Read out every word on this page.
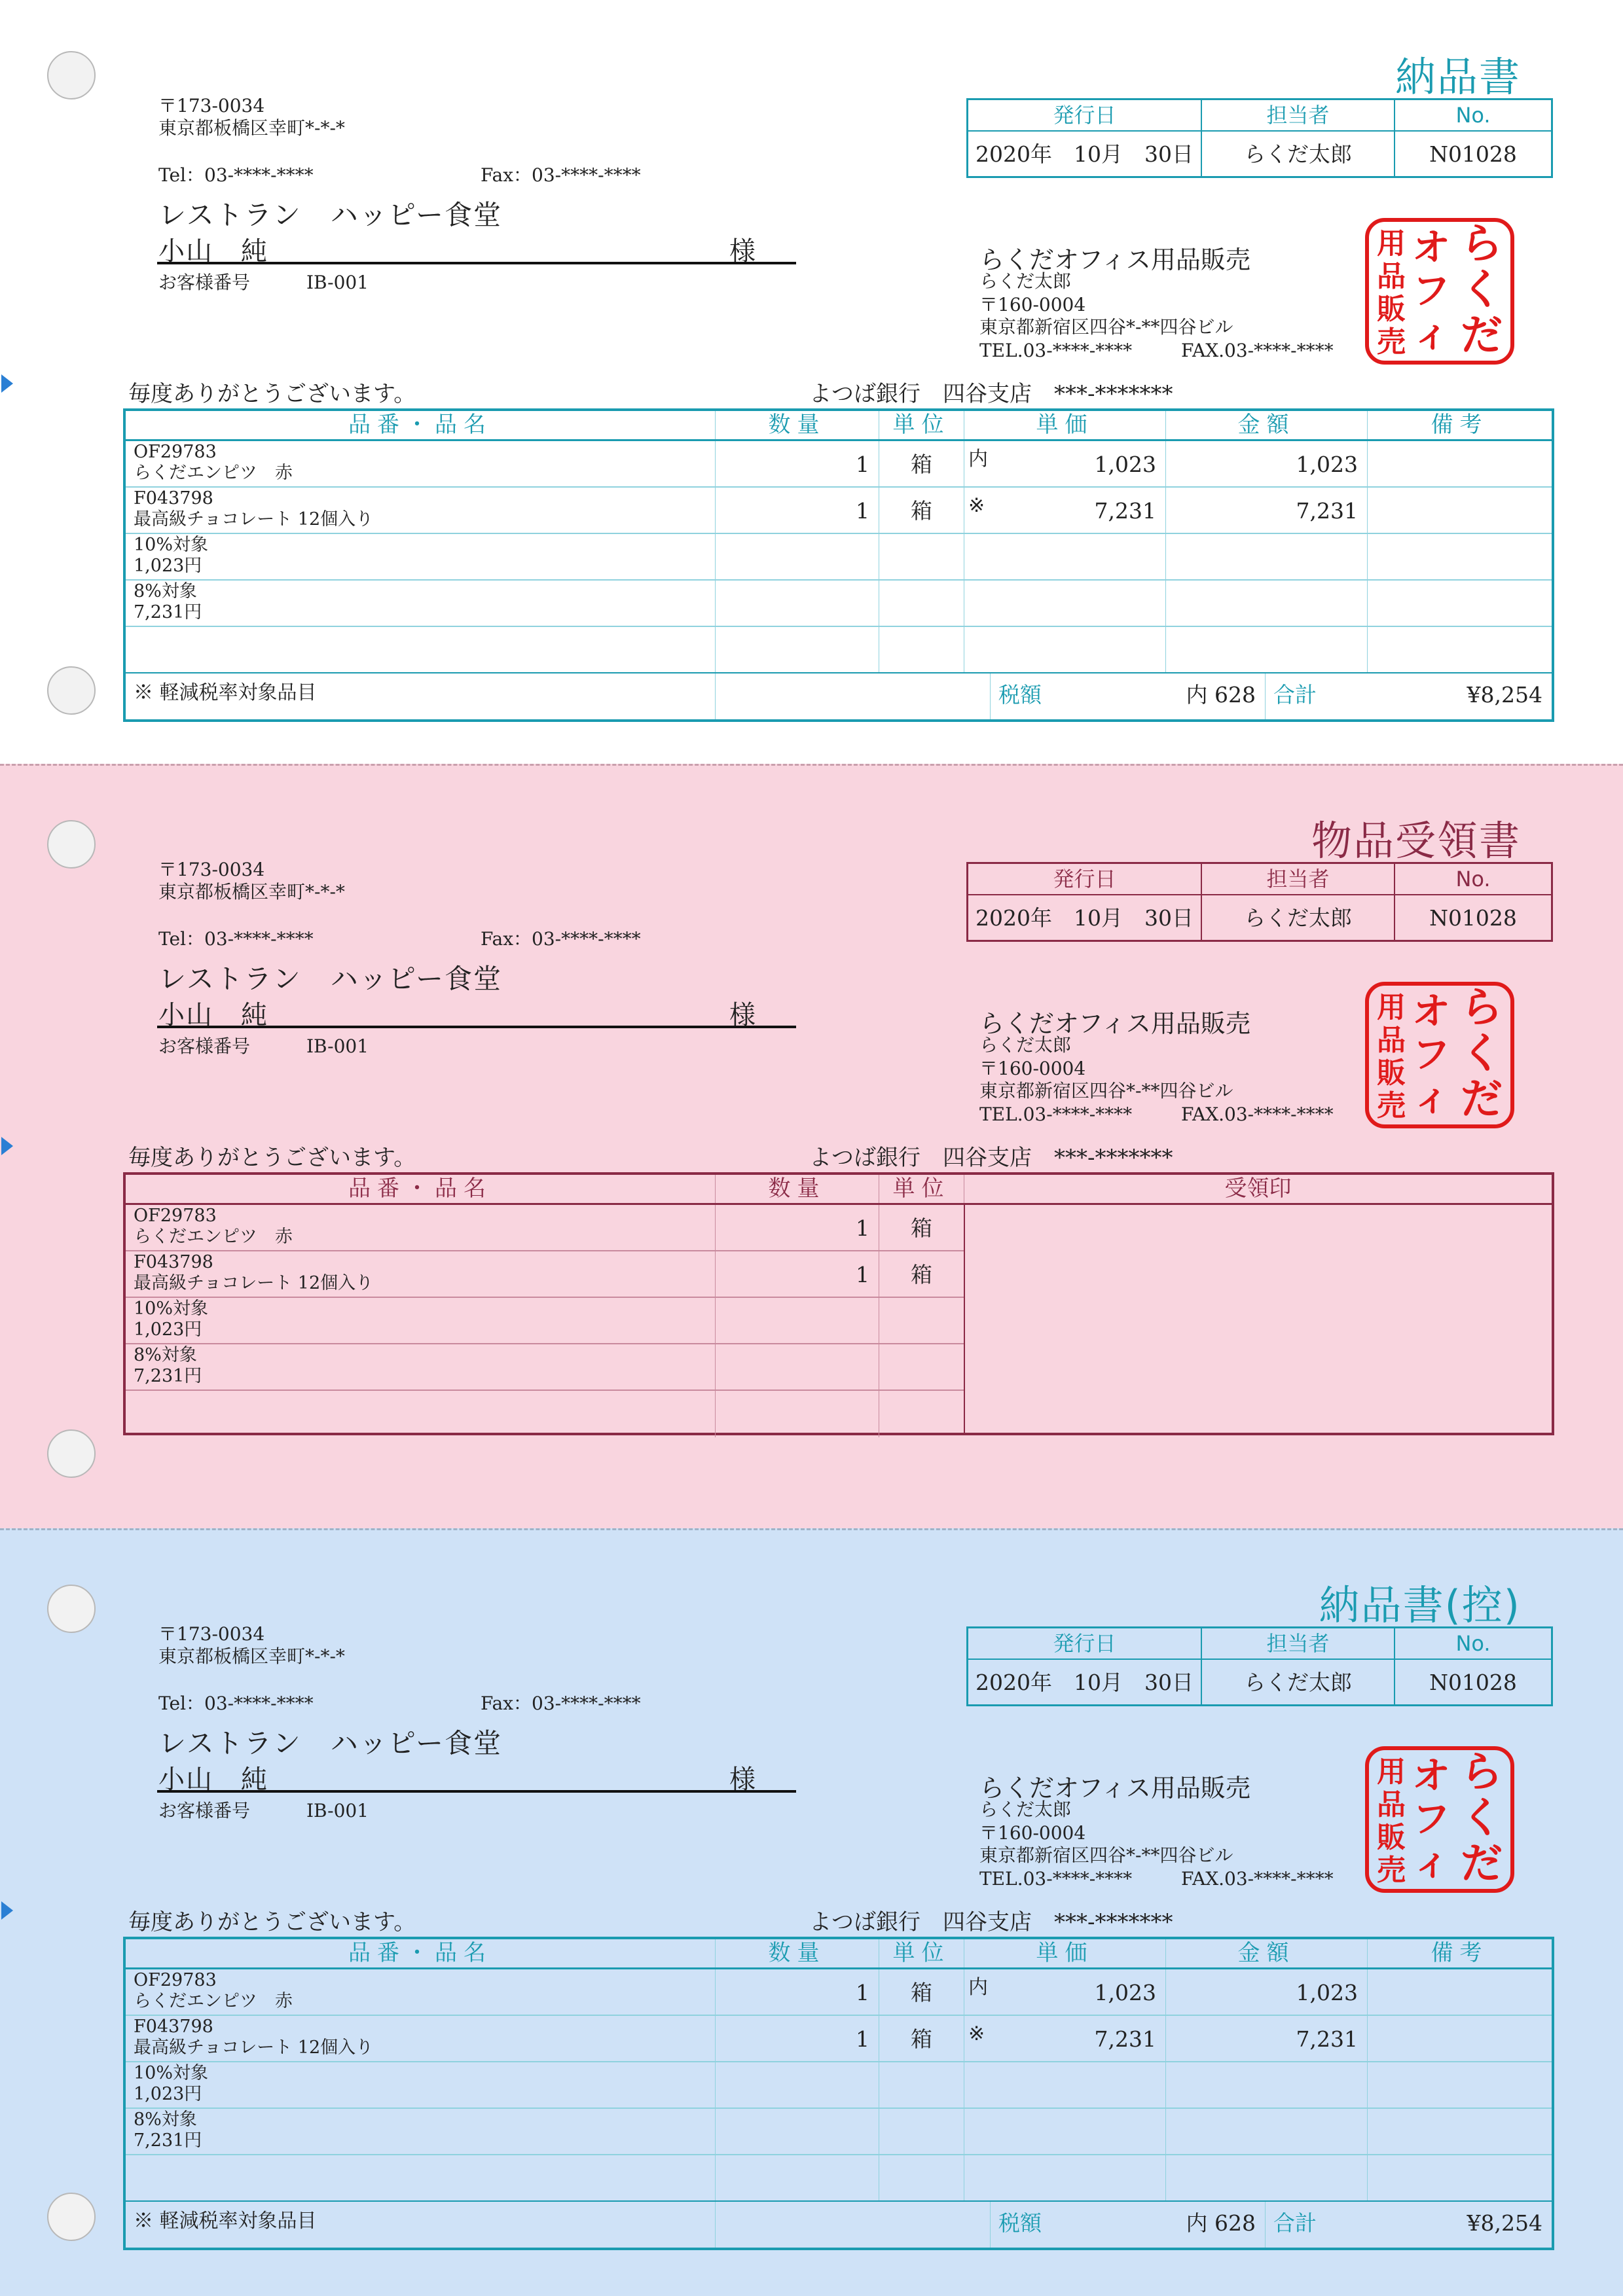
〒173-0034
東京都板橋区幸町*-*-*
Tel：03-****-****	Fax：03-****-****
レストラン　ハッピー食堂
小山　純	様
お客様番号	IB-001
納品書
発行日	担当者	No.
2020年　10月　30日	らくだ太郎	N01028
らくだオフィス用品販売
らくだ太郎
〒160-0004
東京都新宿区四谷*-**四谷ビル
TEL.03-****-****	FAX.03-****-****
用
品
販
売
オ
フ
ィ
ら
く
だ
毎度ありがとうございます。	よつば銀行　四谷支店　***-*******
品番・品名	数量	単位	単価	金額	備考
OF29783
らくだエンピツ　赤	1	箱	内	1,023	1,023
F043798
最高級チョコレート 12個入り	1	箱	※	7,231	7,231
10%対象
1,023円
8%対象
7,231円
※ 軽減税率対象品目	税額	内 628 合計	¥8,254
〒173-0034
東京都板橋区幸町*-*-*
Tel：03-****-****	Fax：03-****-****
レストラン　ハッピー食堂
小山　純	様
お客様番号	IB-001
物品受領書
発行日	担当者	No.
2020年　10月　30日	らくだ太郎	N01028
らくだオフィス用品販売
らくだ太郎
〒160-0004
東京都新宿区四谷*-**四谷ビル
TEL.03-****-****	FAX.03-****-****
用
品
販
売
オ
フ
ィ
ら
く
だ
毎度ありがとうございます。	よつば銀行　四谷支店　***-*******
品番・品名	数量	単位	受領印
OF29783
らくだエンピツ　赤	1	箱
F043798
最高級チョコレート 12個入り	1	箱
10%対象
1,023円
8%対象
7,231円
〒173-0034
東京都板橋区幸町*-*-*
Tel：03-****-****	Fax：03-****-****
レストラン　ハッピー食堂
小山　純	様
お客様番号	IB-001
納品書(控)
発行日	担当者	No.
2020年　10月　30日	らくだ太郎	N01028
らくだオフィス用品販売
らくだ太郎
〒160-0004
東京都新宿区四谷*-**四谷ビル
TEL.03-****-****	FAX.03-****-****
用
品
販
売
オ
フ
ィ
ら
く
だ
毎度ありがとうございます。	よつば銀行　四谷支店　***-*******
品番・品名	数量	単位	単価	金額	備考
OF29783
らくだエンピツ　赤	1	箱	内	1,023	1,023
F043798
最高級チョコレート 12個入り	1	箱	※	7,231	7,231
10%対象
1,023円
8%対象
7,231円
※ 軽減税率対象品目	税額	内 628 合計	¥8,254
